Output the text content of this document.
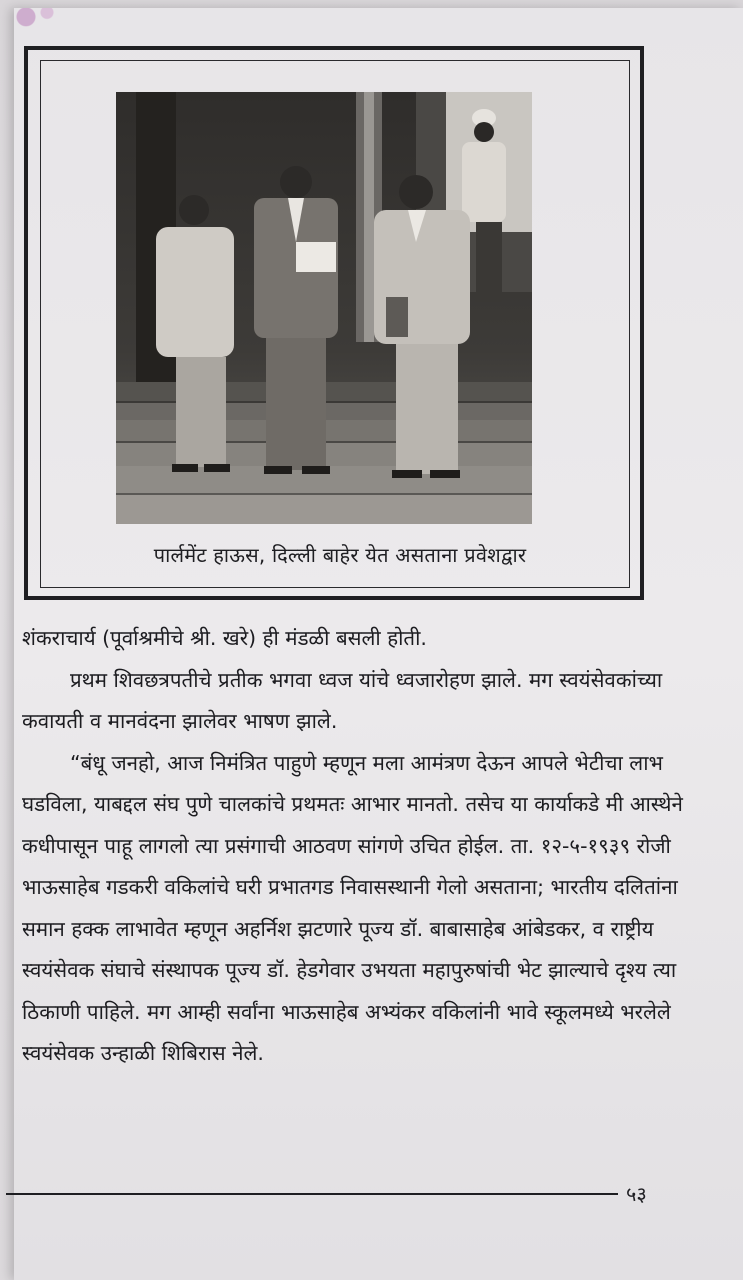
पार्लमेंट हाऊस, दिल्ली बाहेर येत असताना प्रवेशद्वार

शंकराचार्य (पूर्वाश्रमीचे श्री. खरे) ही मंडळी बसली होती.

प्रथम शिवछत्रपतीचे प्रतीक भगवा ध्वज यांचे ध्वजारोहण झाले. मग स्वयंसेवकांच्या कवायती व मानवंदना झालेवर भाषण झाले.

“बंधू जनहो, आज निमंत्रित पाहुणे म्हणून मला आमंत्रण देऊन आपले भेटीचा लाभ घडविला, याबद्दल संघ पुणे चालकांचे प्रथमतः आभार मानतो. तसेच या कार्याकडे मी आस्थेने कधीपासून पाहू लागलो त्या प्रसंगाची आठवण सांगणे उचित होईल. ता. १२-५-१९३९ रोजी भाऊसाहेब गडकरी वकिलांचे घरी प्रभातगड निवासस्थानी गेलो असताना; भारतीय दलितांना समान हक्क लाभावेत म्हणून अहर्निश झटणारे पूज्य डॉ. बाबासाहेब आंबेडकर, व राष्ट्रीय स्वयंसेवक संघाचे संस्थापक पूज्य डॉ. हेडगेवार उभयता महापुरुषांची भेट झाल्याचे दृश्य त्या ठिकाणी पाहिले. मग आम्ही सर्वांना भाऊसाहेब अभ्यंकर वकिलांनी भावे स्कूलमध्ये भरलेले स्वयंसेवक उन्हाळी शिबिरास नेले.

५३
